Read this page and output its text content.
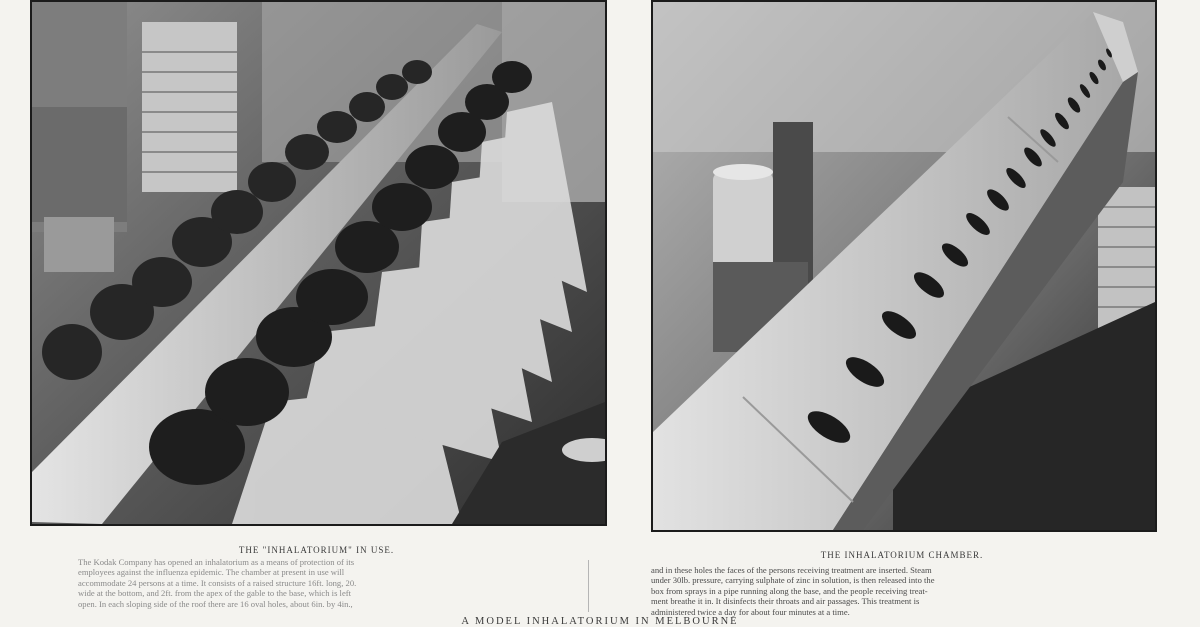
THE "INHALATORIUM" IN USE.	THE INHALATORIUM CHAMBER.

The Kodak Company has opened an inhalatorium as a means of protection of its
employees against the influenza epidemic. The chamber at present in use will
accommodate 24 persons at a time. It consists of a raised structure 16ft. long, 20.
wide at the bottom, and 2ft. from the apex of the gable to the base, which is left
open. In each sloping side of the roof there are 16 oval holes, about 6in. by 4in.,

and in these holes the faces of the persons receiving treatment are inserted. Steam
under 30lb. pressure, carrying sulphate of zinc in solution, is then released into the
box from sprays in a pipe running along the base, and the people receiving treat-
ment breathe it in. It disinfects their throats and air passages. This treatment is
administered twice a day for about four minutes at a time.

A MODEL INHALATORIUM IN MELBOURNE
